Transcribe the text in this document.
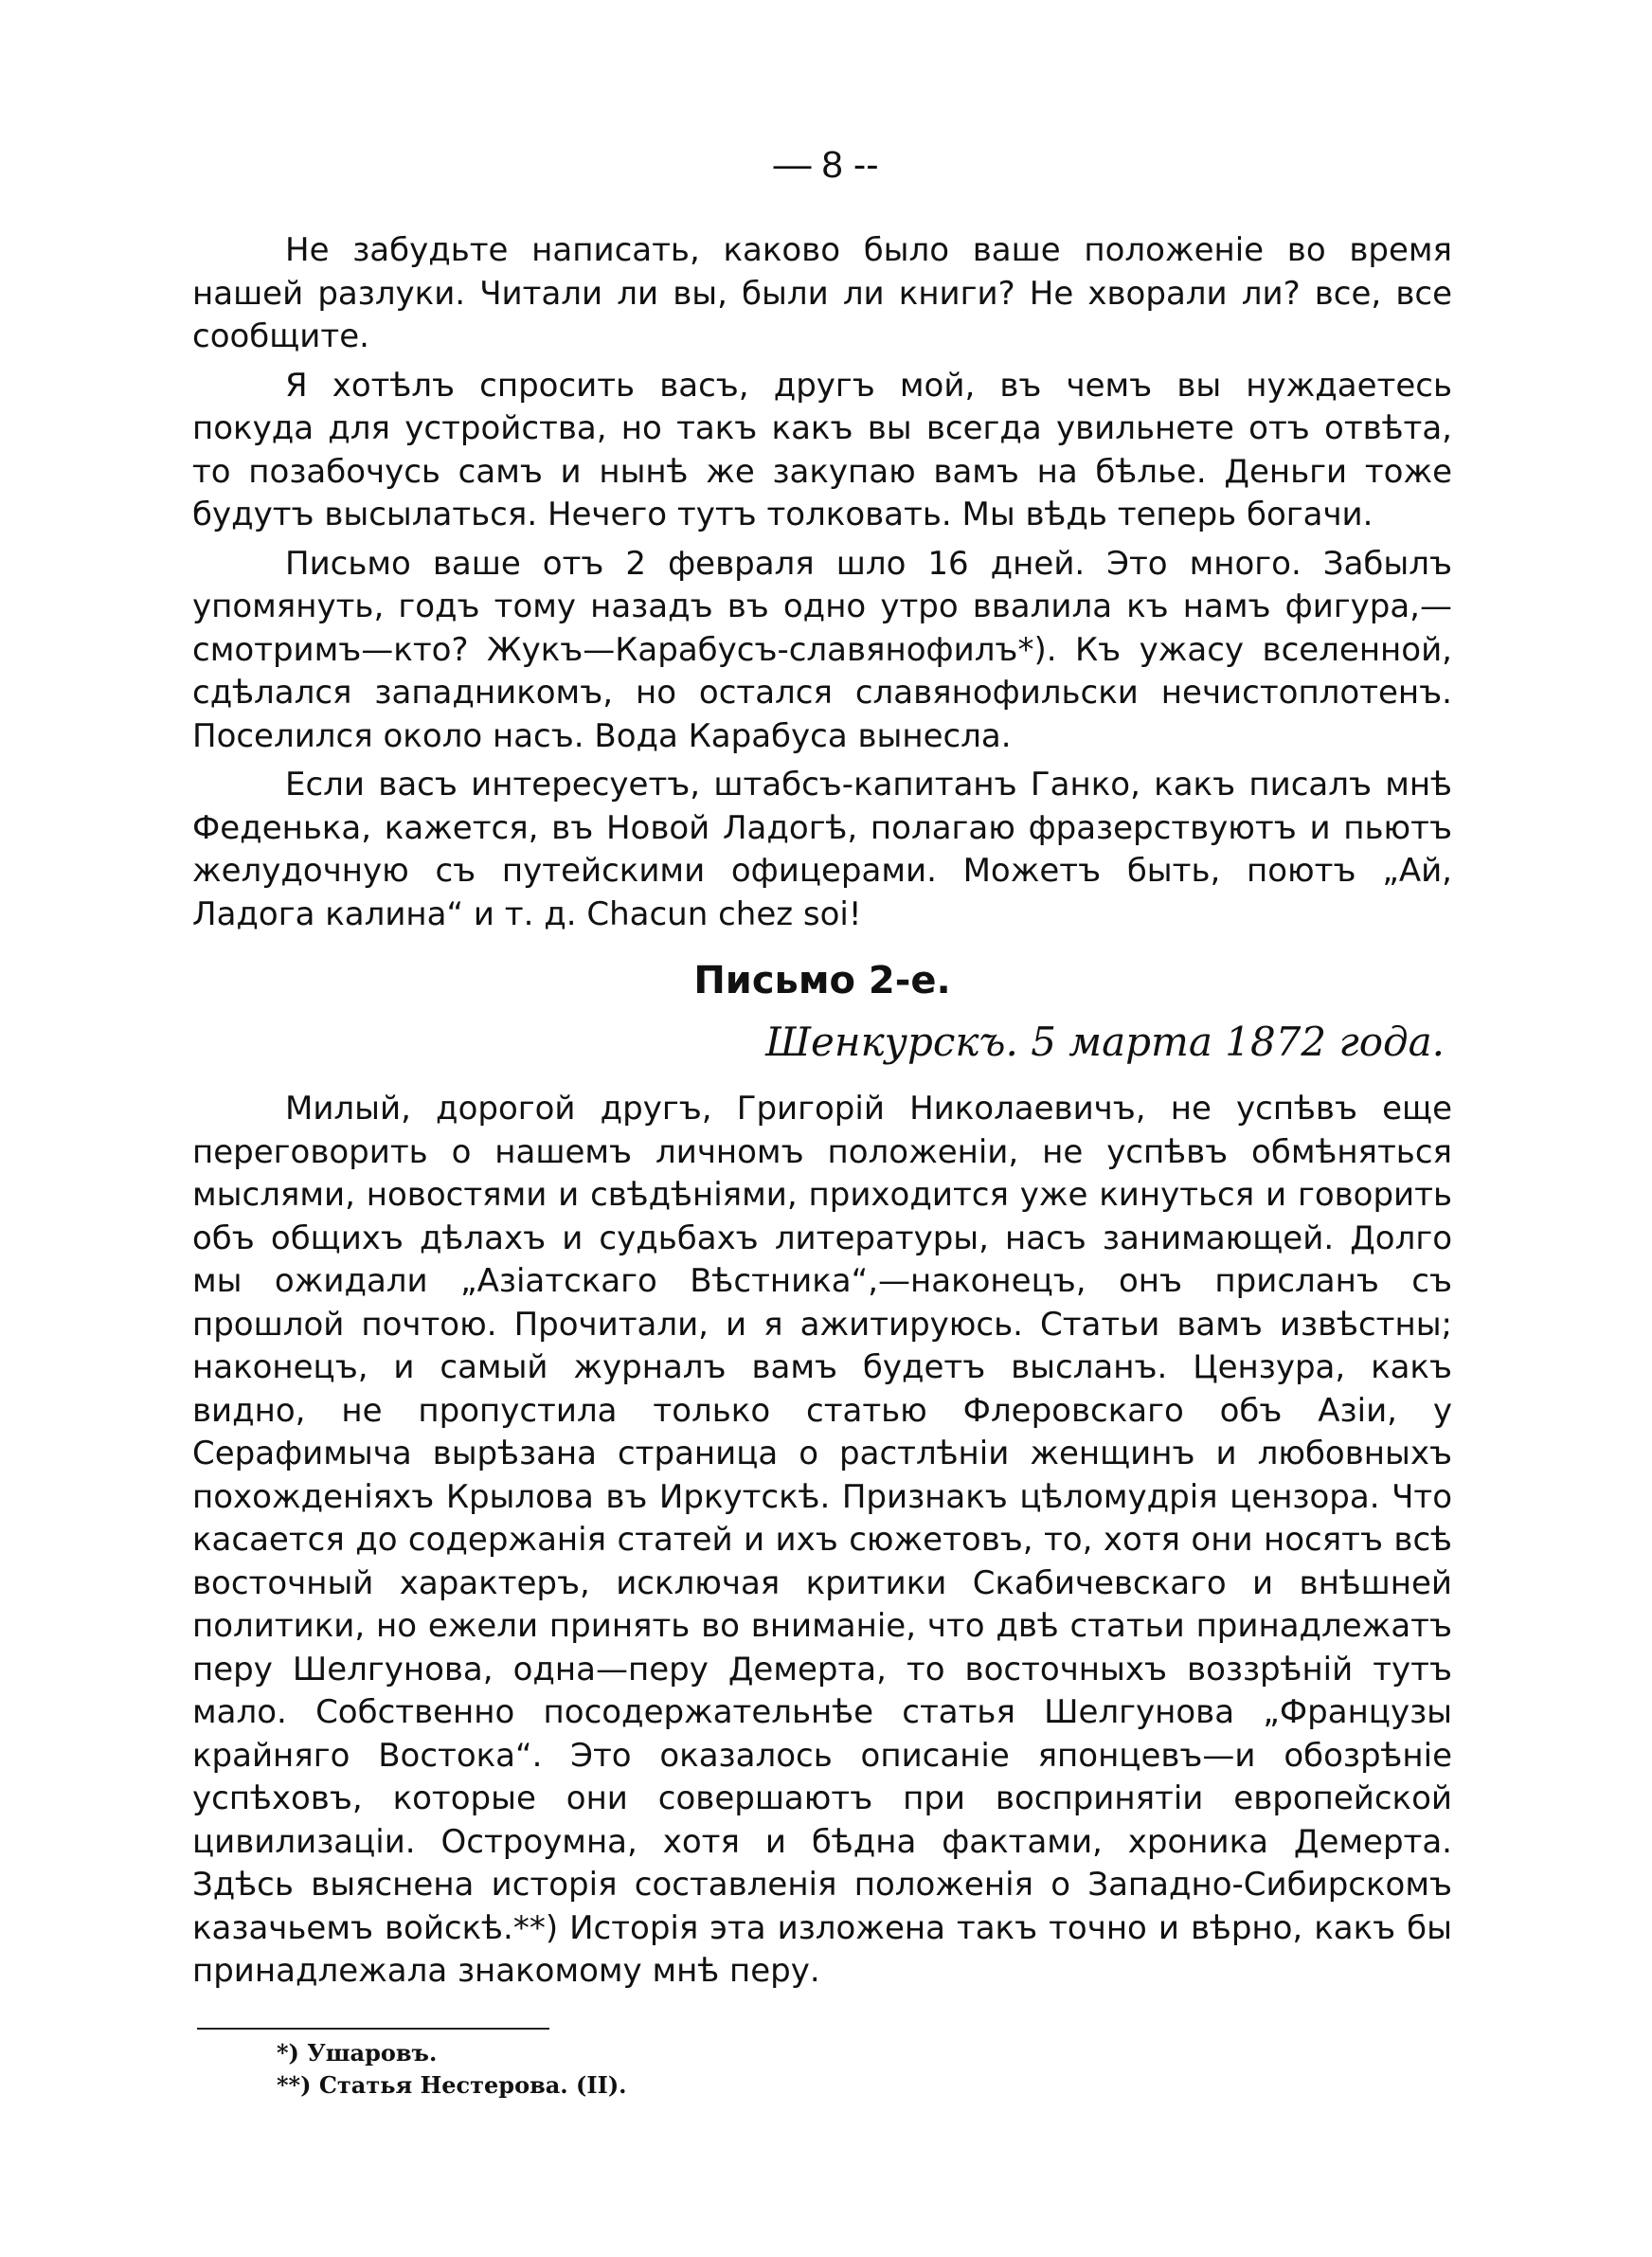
— 8 --

Не забудьте написать, каково было ваше положеніе во время нашей разлуки. Читали ли вы, были ли книги? Не хворали ли? все, все сообщите.

Я хотѣлъ спросить васъ, другъ мой, въ чемъ вы нуждаетесь покуда для устройства, но такъ какъ вы всегда увильнете отъ отвѣта, то позабочусь самъ и нынѣ же закупаю вамъ на бѣлье. Деньги тоже будутъ высылаться. Нечего тутъ толковать. Мы вѣдь теперь богачи.

Письмо ваше отъ 2 февраля шло 16 дней. Это много. Забылъ упомянуть, годъ тому назадъ въ одно утро ввалила къ намъ фигура,—смотримъ—кто? Жукъ—Карабусъ-славянофилъ*). Къ ужасу вселенной, сдѣлался западникомъ, но остался славянофильски нечистоплотенъ. Поселился около насъ. Вода Карабуса вынесла.

Если васъ интересуетъ, штабсъ-капитанъ Ганко, какъ писалъ мнѣ Феденька, кажется, въ Новой Ладогѣ, полагаю фразерствуютъ и пьютъ желудочную съ путейскими офицерами. Можетъ быть, поютъ „Ай, Ладога калина“ и т. д. Chacun chez soi!

Письмо 2-е.
Шенкурскъ. 5 марта 1872 года.

Милый, дорогой другъ, Григорій Николаевичъ, не успѣвъ еще переговорить о нашемъ личномъ положеніи, не успѣвъ обмѣняться мыслями, новостями и свѣдѣніями, приходится уже кинуться и говорить объ общихъ дѣлахъ и судьбахъ литературы, насъ занимающей. Долго мы ожидали „Азіатскаго Вѣстника“,—наконецъ, онъ присланъ съ прошлой почтою. Прочитали, и я ажитируюсь. Статьи вамъ извѣстны; наконецъ, и самый журналъ вамъ будетъ высланъ. Цензура, какъ видно, не пропустила только статью Флеровскаго объ Азіи, у Серафимыча вырѣзана страница о растлѣніи женщинъ и любовныхъ похожденіяхъ Крылова въ Иркутскѣ. Признакъ цѣломудрія цензора. Что касается до содержанія статей и ихъ сюжетовъ, то, хотя они носятъ всѣ восточный характеръ, исключая критики Скабичевскаго и внѣшней политики, но ежели принять во вниманіе, что двѣ статьи принадлежатъ перу Шелгунова, одна—перу Демерта, то восточныхъ воззрѣній тутъ мало. Собственно посодержательнѣе статья Шелгунова „Французы крайняго Востока“. Это оказалось описаніе японцевъ—и обозрѣніе успѣховъ, которые они совершаютъ при воспринятіи европейской цивилизаціи. Остроумна, хотя и бѣдна фактами, хроника Демерта. Здѣсь выяснена исторія составленія положенія о Западно-Сибирскомъ казачьемъ войскѣ.**) Исторія эта изложена такъ точно и вѣрно, какъ бы принадлежала знакомому мнѣ перу.

*) Ушаровъ.
**) Статья Нестерова. (II).
